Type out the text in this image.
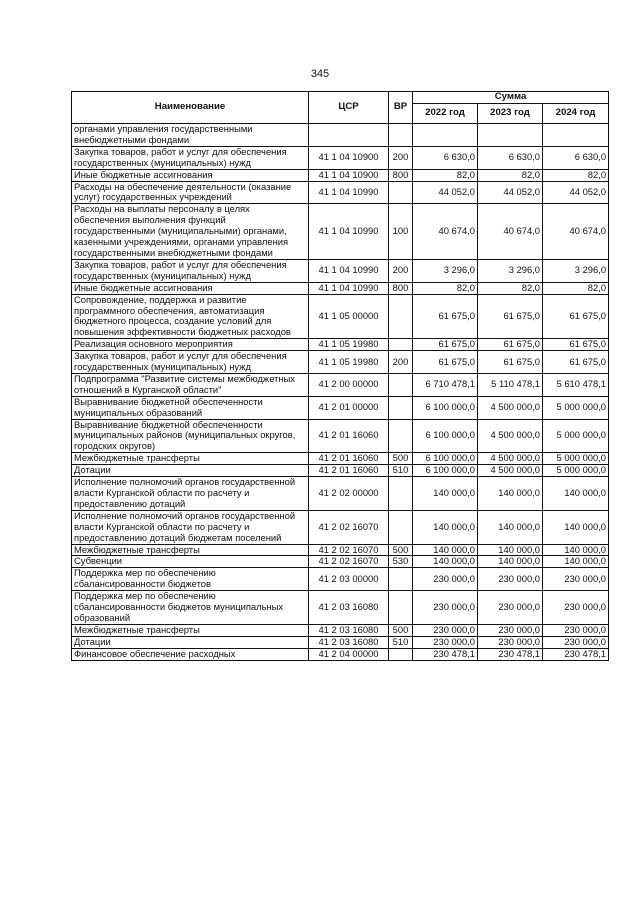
345
Наименование	ЦСР	ВР	Сумма		
			2022 год	2023 год	2024 год
органами управления государственными внебюджетными фондами					
Закупка товаров, работ и услуг для обеспечения государственных (муниципальных) нужд	41 1 04 10900	200	6 630,0	6 630,0	6 630,0
Иные бюджетные ассигнования	41 1 04 10900	800	82,0	82,0	82,0
Расходы на обеспечение деятельности (оказание услуг) государственных учреждений	41 1 04 10990		44 052,0	44 052,0	44 052,0
Расходы на выплаты персоналу в целях обеспечения выполнения функций государственными (муниципальными) органами, казенными учреждениями, органами управления государственными внебюджетными фондами	41 1 04 10990	100	40 674,0	40 674,0	40 674,0
Закупка товаров, работ и услуг для обеспечения государственных (муниципальных) нужд	41 1 04 10990	200	3 296,0	3 296,0	3 296,0
Иные бюджетные ассигнования	41 1 04 10990	800	82,0	82,0	82,0
Сопровождение, поддержка и развитие программного обеспечения, автоматизация бюджетного процесса, создание условий для повышения эффективности бюджетных расходов	41 1 05 00000		61 675,0	61 675,0	61 675,0
Реализация основного мероприятия	41 1 05 19980		61 675,0	61 675,0	61 675,0
Закупка товаров, работ и услуг для обеспечения государственных (муниципальных) нужд	41 1 05 19980	200	61 675,0	61 675,0	61 675,0
Подпрограмма "Развитие системы межбюджетных отношений в Курганской области"	41 2 00 00000		6 710 478,1	5 110 478,1	5 610 478,1
Выравнивание бюджетной обеспеченности муниципальных образований	41 2 01 00000		6 100 000,0	4 500 000,0	5 000 000,0
Выравнивание бюджетной обеспеченности муниципальных районов (муниципальных округов, городских округов)	41 2 01 16060		6 100 000,0	4 500 000,0	5 000 000,0
Межбюджетные трансферты	41 2 01 16060	500	6 100 000,0	4 500 000,0	5 000 000,0
Дотации	41 2 01 16060	510	6 100 000,0	4 500 000,0	5 000 000,0
Исполнение полномочий органов государственной власти Курганской области по расчету и предоставлению дотаций	41 2 02 00000		140 000,0	140 000,0	140 000,0
Исполнение полномочий органов государственной власти Курганской области по расчету и предоставлению дотаций бюджетам поселений	41 2 02 16070		140 000,0	140 000,0	140 000,0
Межбюджетные трансферты	41 2 02 16070	500	140 000,0	140 000,0	140 000,0
Субвенции	41 2 02 16070	530	140 000,0	140 000,0	140 000,0
Поддержка мер по обеспечению сбалансированности бюджетов	41 2 03 00000		230 000,0	230 000,0	230 000,0
Поддержка мер по обеспечению сбалансированности бюджетов муниципальных образований	41 2 03 16080		230 000,0	230 000,0	230 000,0
Межбюджетные трансферты	41 2 03 16080	500	230 000,0	230 000,0	230 000,0
Дотации	41 2 03 16080	510	230 000,0	230 000,0	230 000,0
Финансовое обеспечение расходных	41 2 04 00000		230 478,1	230 478,1	230 478,1
